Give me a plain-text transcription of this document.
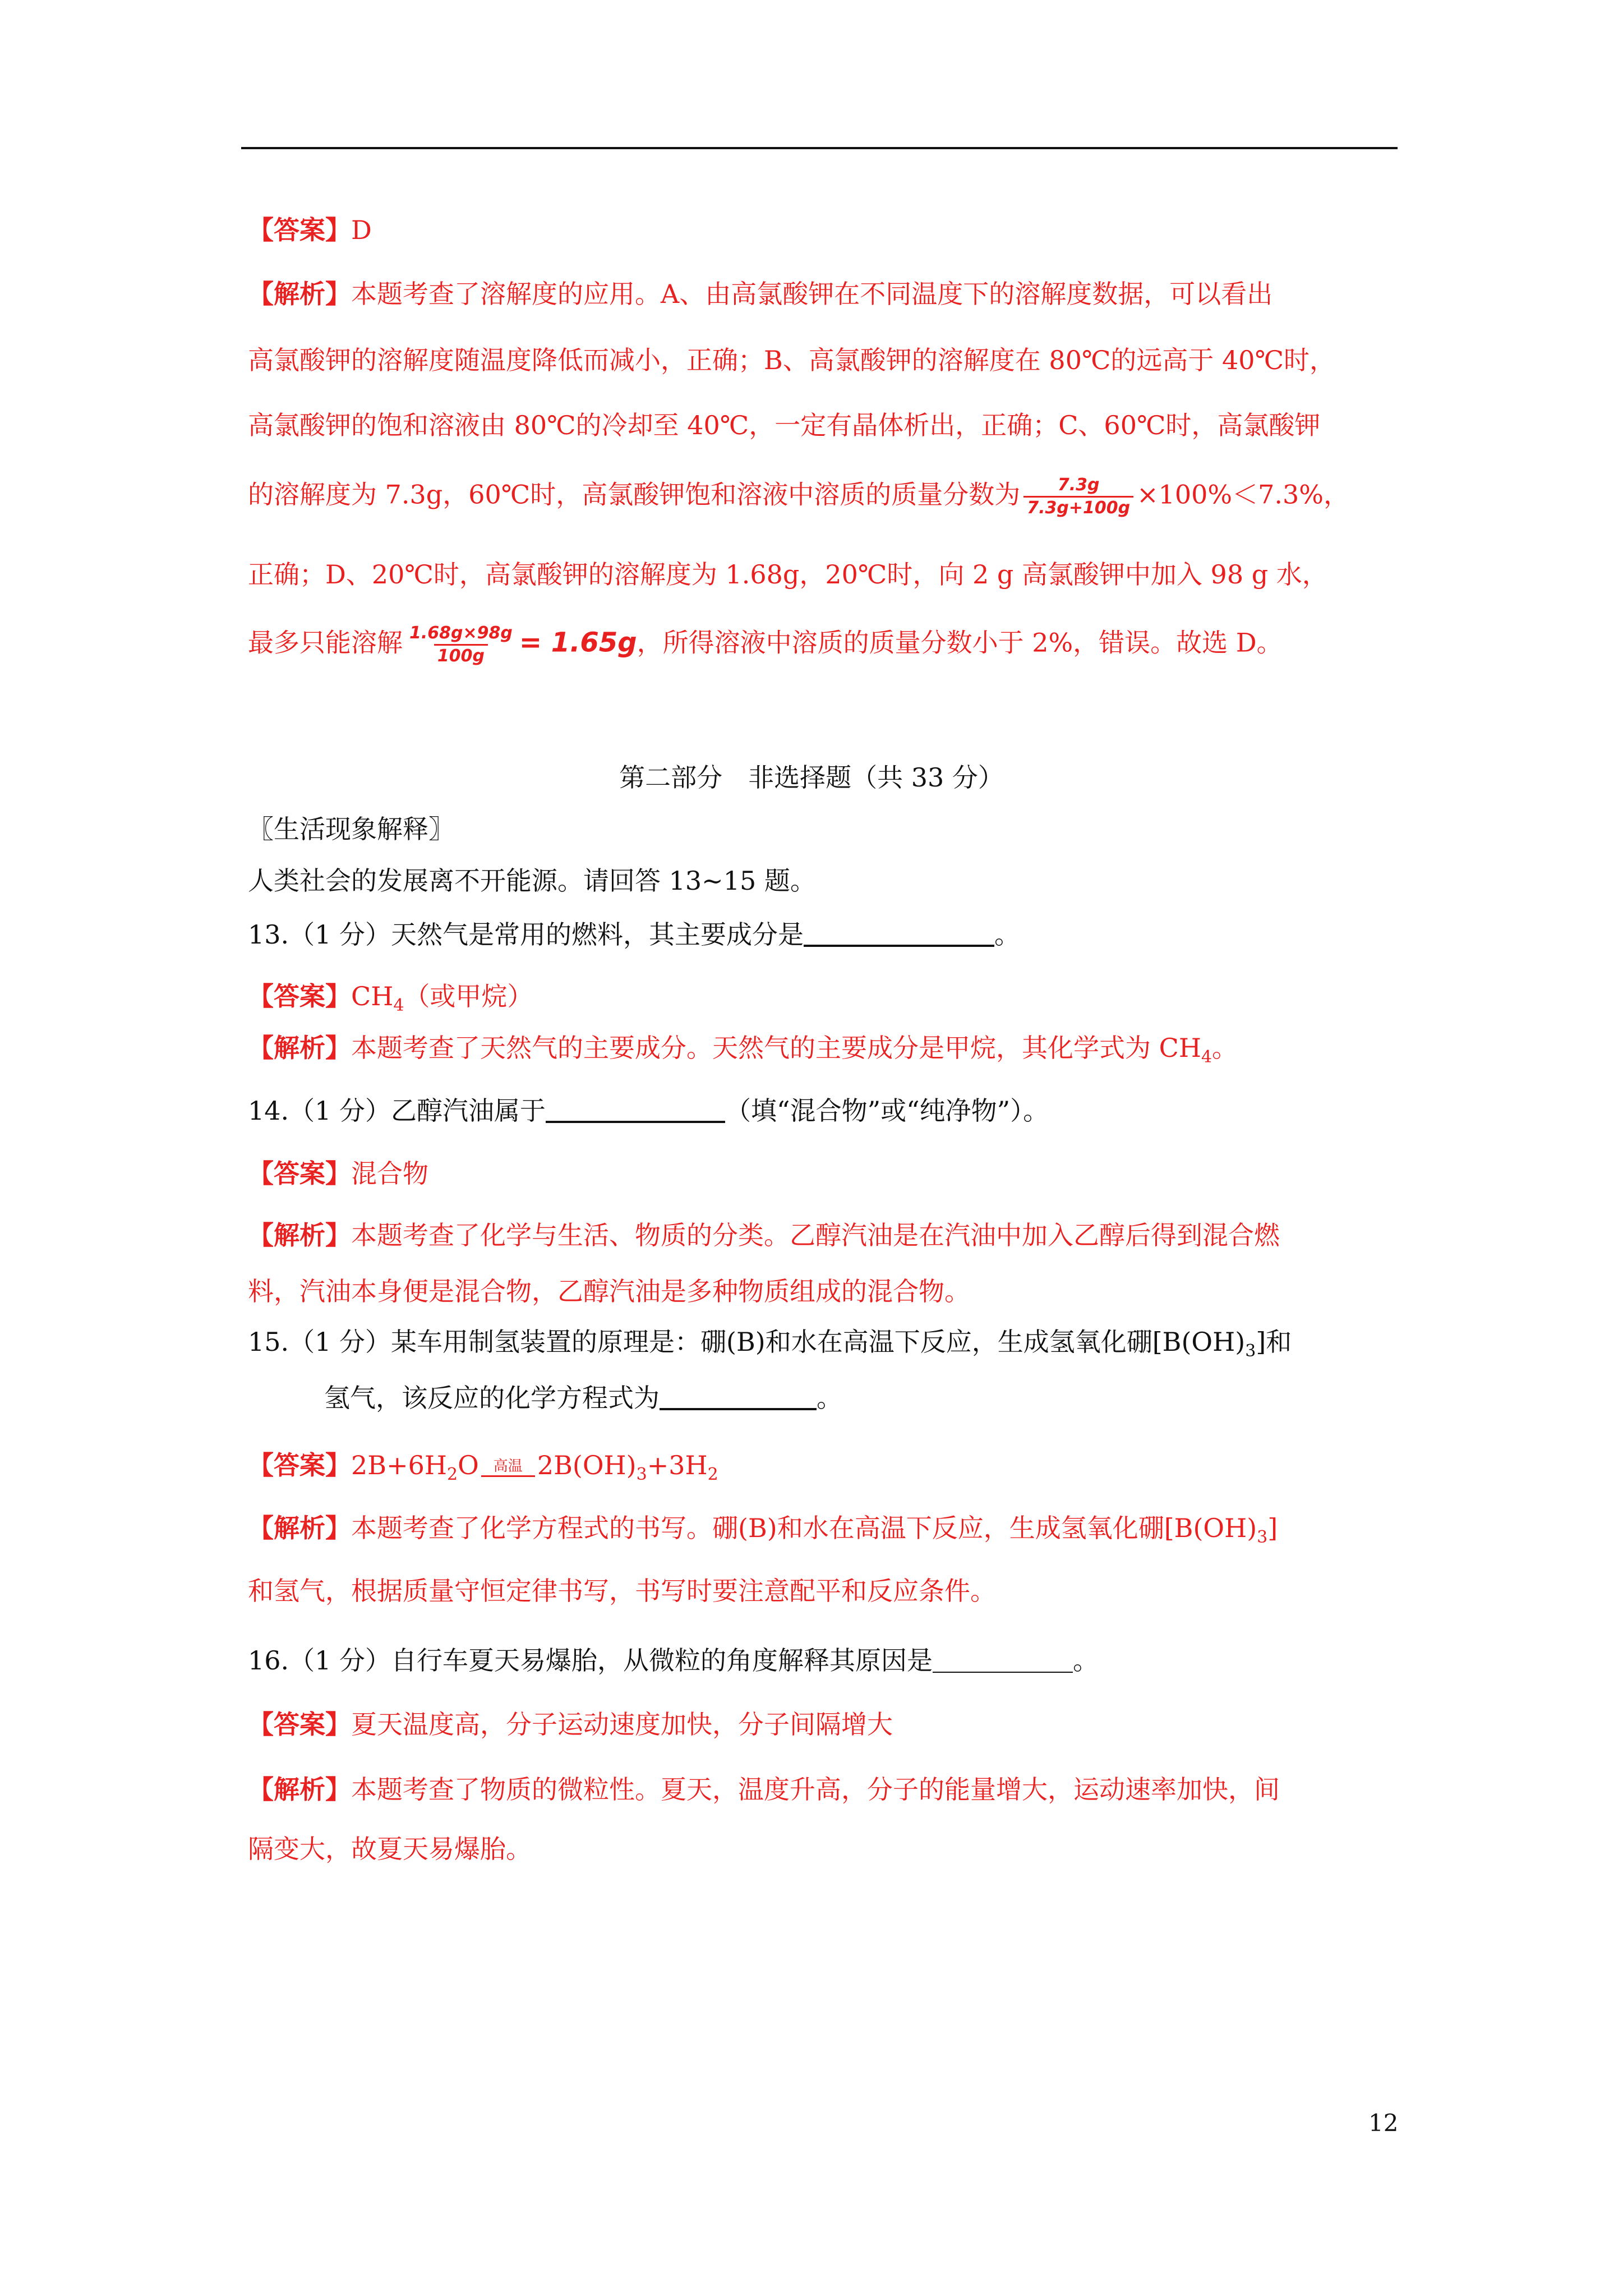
【答案】D
【解析】本题考查了溶解度的应用。A、由高氯酸钾在不同温度下的溶解度数据，可以看出
高氯酸钾的溶解度随温度降低而减小，正确；B、高氯酸钾的溶解度在 80℃的远高于 40℃时，
高氯酸钾的饱和溶液由 80℃的冷却至 40℃，一定有晶体析出，正确；C、60℃时，高氯酸钾
的溶解度为 7.3g，60℃时，高氯酸钾饱和溶液中溶质的质量分数为 $\frac{7.3g}{7.3g+100g} \times 100\%<7.3\%$，
正确；D、20℃时，高氯酸钾的溶解度为 1.68g，20℃时，向 2 g 高氯酸钾中加入 98 g 水，
最多只能溶解 $\frac{1.68g\times 98g}{100g} = 1.65g$，所得溶液中溶质的质量分数小于 2%，错误。故选 D。
第二部分　非选择题（共 33 分）
〖生活现象解释〗
人类社会的发展离不开能源。请回答 13~15 题。
13.（1 分）天然气是常用的燃料，其主要成分是	。
【答案】$CH_4$（或甲烷）
【解析】本题考查了天然气的主要成分。天然气的主要成分是甲烷，其化学式为 $CH_4$。
14.（1 分）乙醇汽油属于	（填“混合物”或“纯净物”）。
【答案】混合物
【解析】本题考查了化学与生活、物质的分类。乙醇汽油是在汽油中加入乙醇后得到混合燃
料，汽油本身便是混合物，乙醇汽油是多种物质组成的混合物。
15.（1 分）某车用制氢装置的原理是：硼(B)和水在高温下反应，生成氢氧化硼$[B(OH)_3]$和
氢气，该反应的化学方程式为	。
【答案】$2B+6H_2O$ 高温 $2B(OH)_3+3H_2$
【解析】本题考查了化学方程式的书写。硼(B)和水在高温下反应，生成氢氧化硼$[B(OH)_3]$
和氢气，根据质量守恒定律书写，书写时要注意配平和反应条件。
16.（1 分）自行车夏天易爆胎，从微粒的角度解释其原因是	。
【答案】夏天温度高，分子运动速度加快，分子间隔增大
【解析】本题考查了物质的微粒性。夏天，温度升高，分子的能量增大，运动速率加快，间
隔变大，故夏天易爆胎。
12
